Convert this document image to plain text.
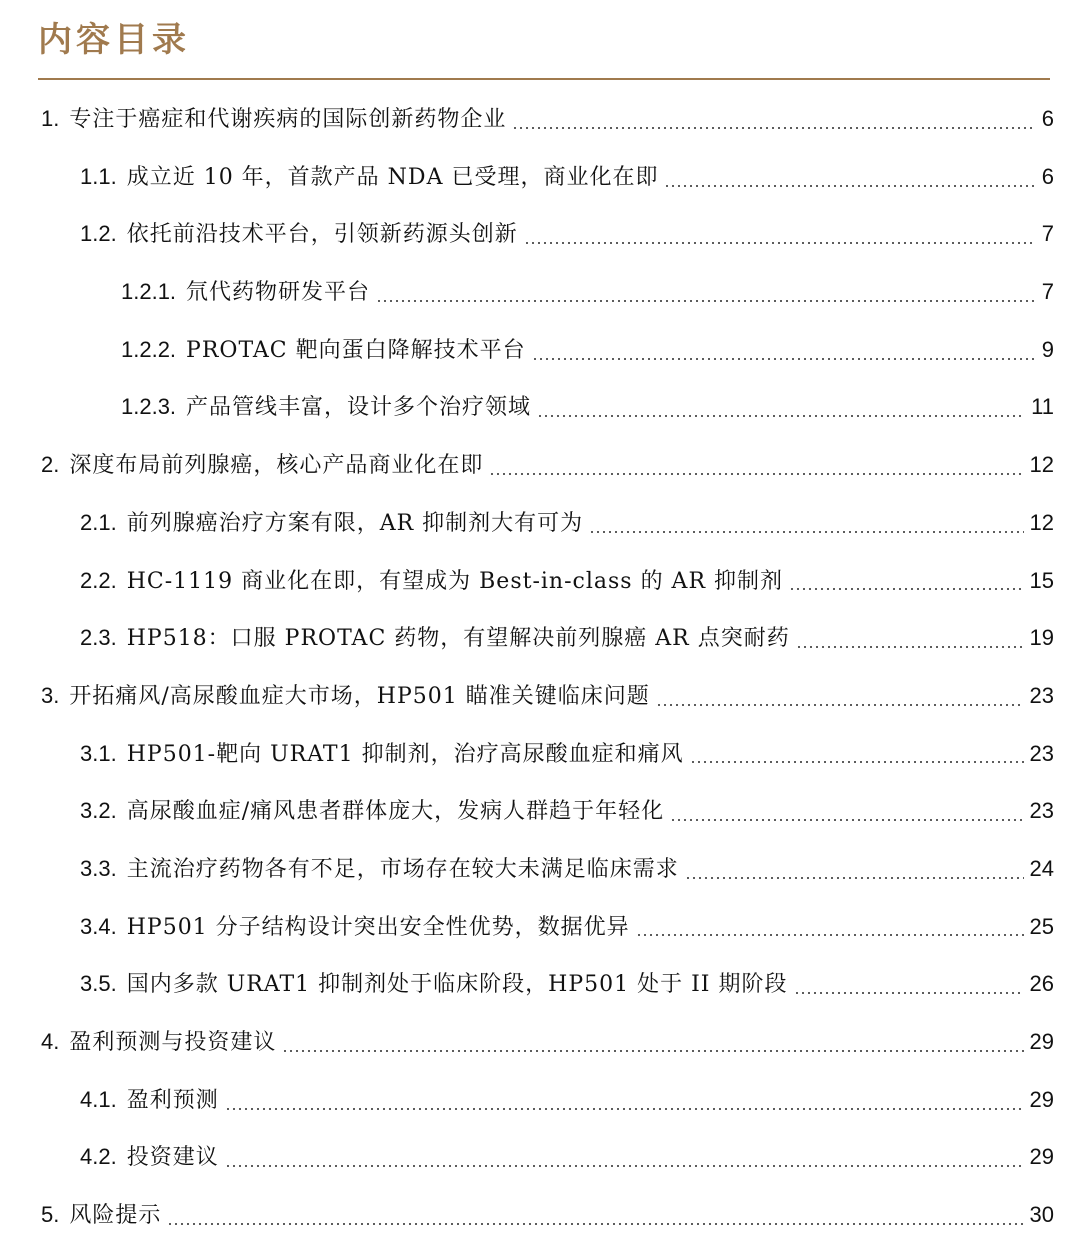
内容目录
1. 专注于癌症和代谢疾病的国际创新药物企业	6
1.1. 成立近 10 年，首款产品 NDA 已受理，商业化在即	6
1.2. 依托前沿技术平台，引领新药源头创新	7
1.2.1. 氘代药物研发平台	7
1.2.2. PROTAC 靶向蛋白降解技术平台	9
1.2.3. 产品管线丰富，设计多个治疗领域	11
2. 深度布局前列腺癌，核心产品商业化在即	12
2.1. 前列腺癌治疗方案有限，AR 抑制剂大有可为	12
2.2. HC-1119 商业化在即，有望成为 Best-in-class 的 AR 抑制剂	15
2.3. HP518：口服 PROTAC 药物，有望解决前列腺癌 AR 点突耐药	19
3. 开拓痛风/高尿酸血症大市场，HP501 瞄准关键临床问题	23
3.1. HP501-靶向 URAT1 抑制剂，治疗高尿酸血症和痛风	23
3.2. 高尿酸血症/痛风患者群体庞大，发病人群趋于年轻化	23
3.3. 主流治疗药物各有不足，市场存在较大未满足临床需求	24
3.4. HP501 分子结构设计突出安全性优势，数据优异	25
3.5. 国内多款 URAT1 抑制剂处于临床阶段，HP501 处于 II 期阶段	26
4. 盈利预测与投资建议	29
4.1. 盈利预测	29
4.2. 投资建议	29
5. 风险提示	30
